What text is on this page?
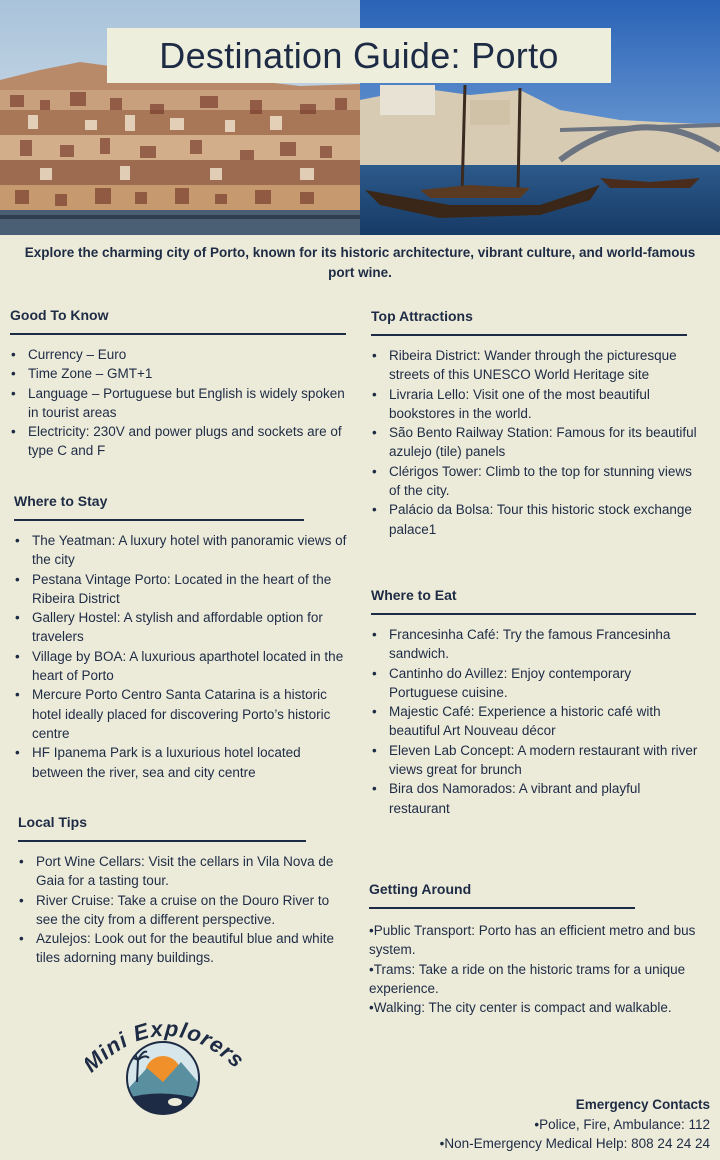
Destination Guide: Porto
Explore the charming city of Porto, known for its historic architecture, vibrant culture, and world-famous port wine.
Good To Know
• Currency – Euro
• Time Zone – GMT+1
• Language – Portuguese but English is widely spoken in tourist areas
• Electricity: 230V and power plugs and sockets are of type C and F
Where to Stay
• The Yeatman: A luxury hotel with panoramic views of the city
• Pestana Vintage Porto: Located in the heart of the Ribeira District
• Gallery Hostel: A stylish and affordable option for travelers
• Village by BOA: A luxurious aparthotel located in the heart of Porto
• Mercure Porto Centro Santa Catarina is a historic hotel ideally placed for discovering Porto’s historic centre
• HF Ipanema Park is a luxurious hotel located between the river, sea and city centre
Local Tips
• Port Wine Cellars: Visit the cellars in Vila Nova de Gaia for a tasting tour.
• River Cruise: Take a cruise on the Douro River to see the city from a different perspective.
• Azulejos: Look out for the beautiful blue and white tiles adorning many buildings.
Top Attractions
• Ribeira District: Wander through the picturesque streets of this UNESCO World Heritage site
• Livraria Lello: Visit one of the most beautiful bookstores in the world.
• São Bento Railway Station: Famous for its beautiful azulejo (tile) panels
• Clérigos Tower: Climb to the top for stunning views of the city.
• Palácio da Bolsa: Tour this historic stock exchange palace1
Where to Eat
• Francesinha Café: Try the famous Francesinha sandwich.
• Cantinho do Avillez: Enjoy contemporary Portuguese cuisine.
• Majestic Café: Experience a historic café with beautiful Art Nouveau décor
• Eleven Lab Concept: A modern restaurant with river views great for brunch
• Bira dos Namorados: A vibrant and playful restaurant
Getting Around
•Public Transport: Porto has an efficient metro and bus system.
•Trams: Take a ride on the historic trams for a unique experience.
•Walking: The city center is compact and walkable.
ini Explorer
Emergency Contacts
•Police, Fire, Ambulance: 112
•Non-Emergency Medical Help: 808 24 24 24
